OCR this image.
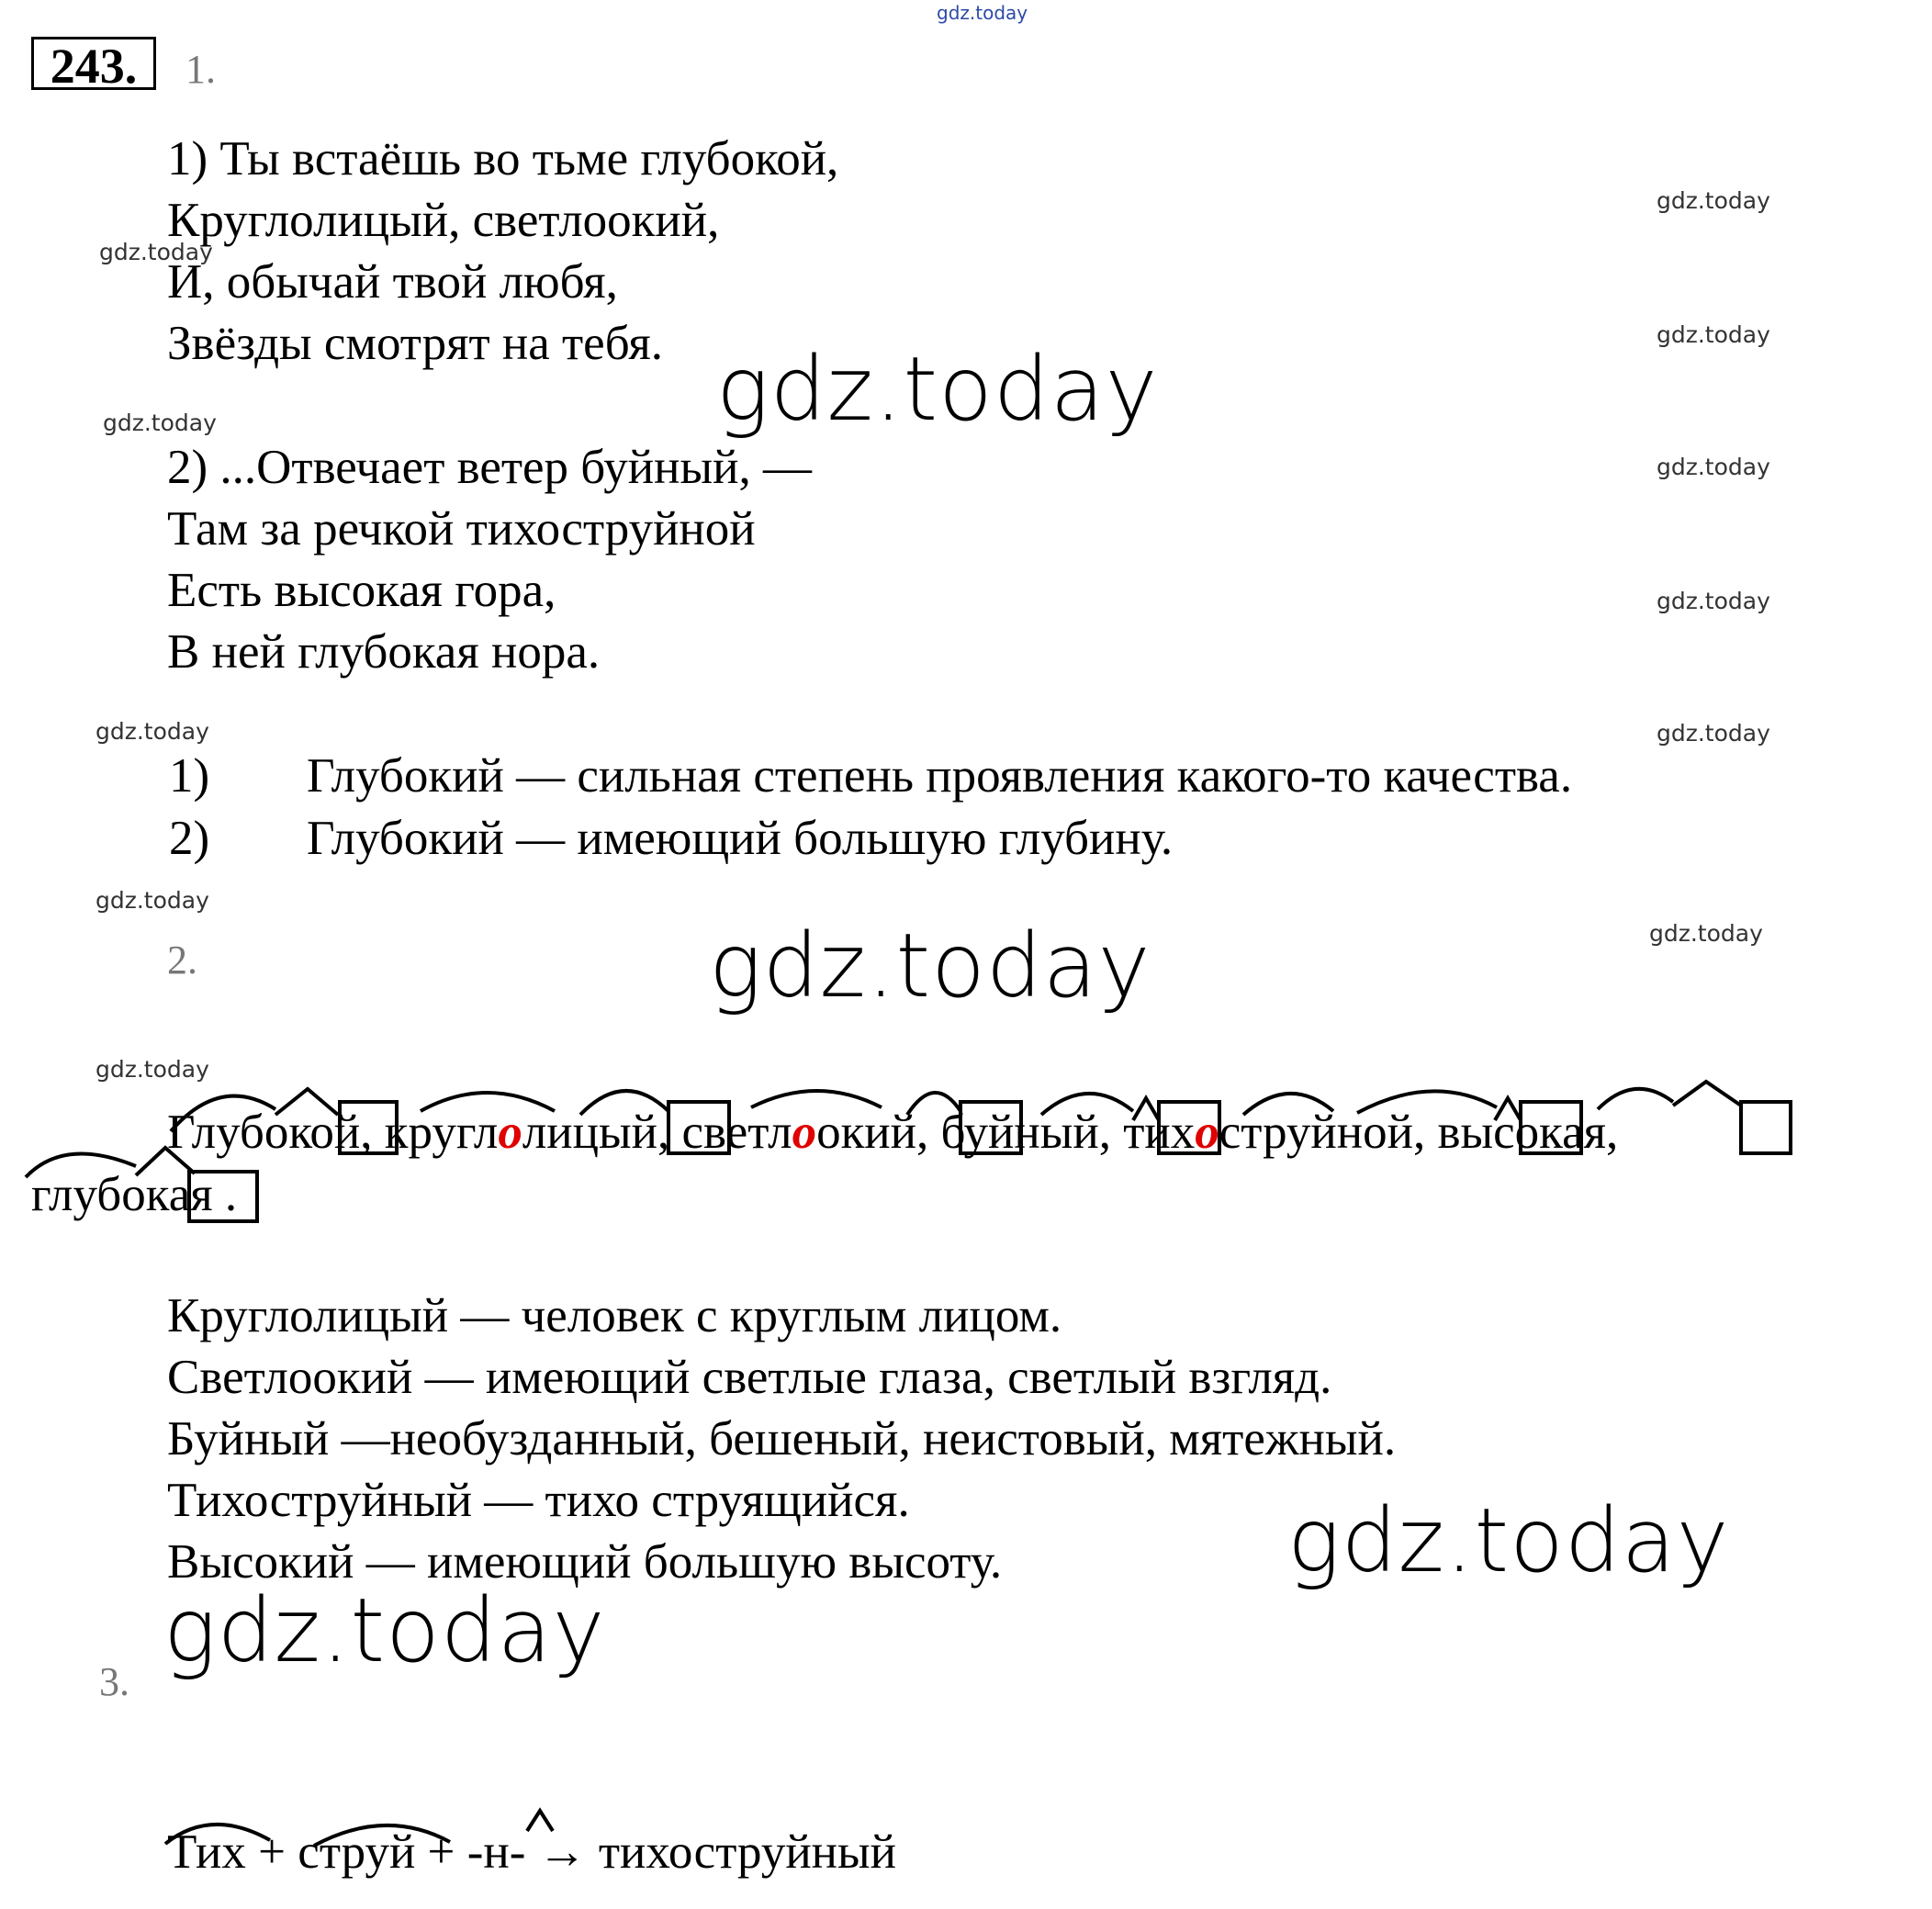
gdz.today
243.	1.
1) Ты встаёшь во тьме глубокой,
Круглолицый, светлоокий,
И, обычай твой любя,
Звёзды смотрят на тебя.
2) ...Отвечает ветер буйный, —
Там за речкой тихоструйной
Есть высокая гора,
В ней глубокая нора.
1) Глубокий — сильная степень проявления какого-то качества.
2) Глубокий — имеющий большую глубину.
2.
Глубокой, круглолицый, светлоокий, буйный, тихоструйной, высокая,
глубокая .
Круглолицый — человек с круглым лицом.
Светлоокий — имеющий светлые глаза, светлый взгляд.
Буйный —необузданный, бешеный, неистовый, мятежный.
Тихоструйный — тихо струящийся.
Высокий — имеющий большую высоту.
3.
Тих + струй + -н- → тихоструйный
gdz.today
gdz.today
gdz.today
gdz.today
gdz.today
gdz.today
gdz.today
gdz.today	gdz.today
gdz.today
gdz.today
gdz.today
gdz.today
gdz.today
gdz.today
